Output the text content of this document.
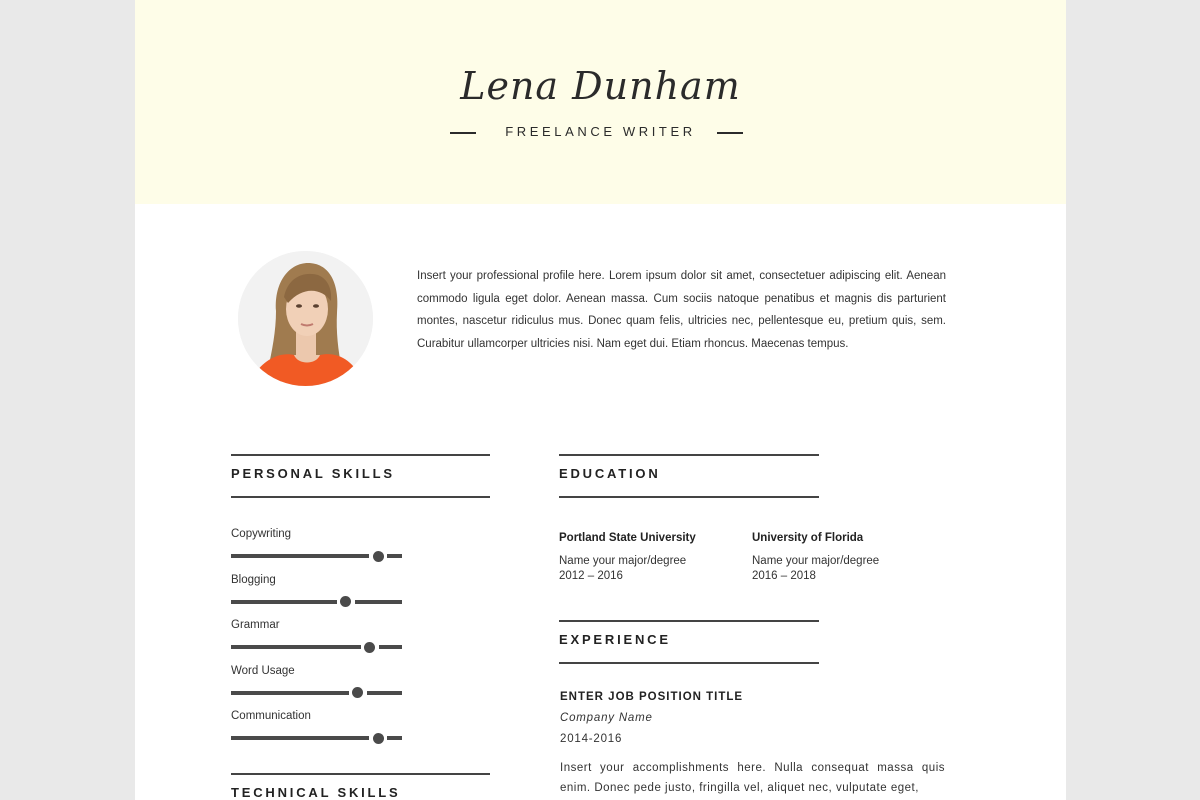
Lena Dunham
FREELANCE WRITER
Insert your professional profile here. Lorem ipsum dolor sit amet, consectetuer adipiscing elit. Aenean commodo ligula eget dolor. Aenean massa. Cum sociis natoque penatibus et magnis dis parturient montes, nascetur ridiculus mus. Donec quam felis, ultricies nec, pellentesque eu, pretium quis, sem. Curabitur ullamcorper ultricies nisi. Nam eget dui. Etiam rhoncus. Maecenas tempus.
PERSONAL SKILLS
Copywriting
Blogging
Grammar
Word Usage
Communication
TECHNICAL SKILLS
EDUCATION
Portland State University
Name your major/degree
2012 – 2016
University of Florida
Name your major/degree
2016 – 2018
EXPERIENCE
ENTER JOB POSITION TITLE
Company Name
2014-2016
Insert your accomplishments here. Nulla consequat massa quis enim. Donec pede justo, fringilla vel, aliquet nec, vulputate eget,
